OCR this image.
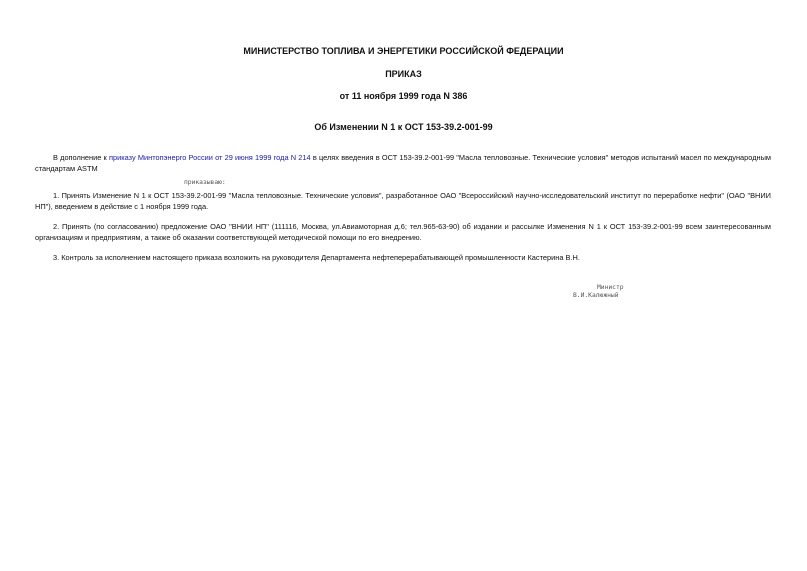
МИНИСТЕРСТВО ТОПЛИВА И ЭНЕРГЕТИКИ РОССИЙСКОЙ ФЕДЕРАЦИИ
ПРИКАЗ
от 11 ноября 1999 года N 386
Об Изменении N 1 к ОСТ 153-39.2-001-99

В дополнение к приказу Минтопэнерго России от 29 июня 1999 года N 214 в целях введения в ОСТ 153-39.2-001-99 "Масла тепловозные. Технические условия" методов испытаний масел по международным стандартам ASTM

приказываю:

1. Принять Изменение N 1 к ОСТ 153-39.2-001-99 "Масла тепловозные. Технические условия", разработанное ОАО "Всероссийский научно-исследовательский институт по переработке нефти" (ОАО "ВНИИ НП"), введением в действие с 1 ноября 1999 года.

2. Принять (по согласованию) предложение ОАО "ВНИИ НП" (111116, Москва, ул.Авиамоторная д.6; тел.965-63-90) об издании и рассылке Изменения N 1 к ОСТ 153-39.2-001-99 всем заинтересованным организациям и предприятиям, а также об оказании соответствующей методической помощи по его внедрению.

3. Контроль за исполнением настоящего приказа возложить на руководителя Департамента нефтеперерабатывающей промышленности Кастерина В.Н.

Министр
В.И.Калюжный
